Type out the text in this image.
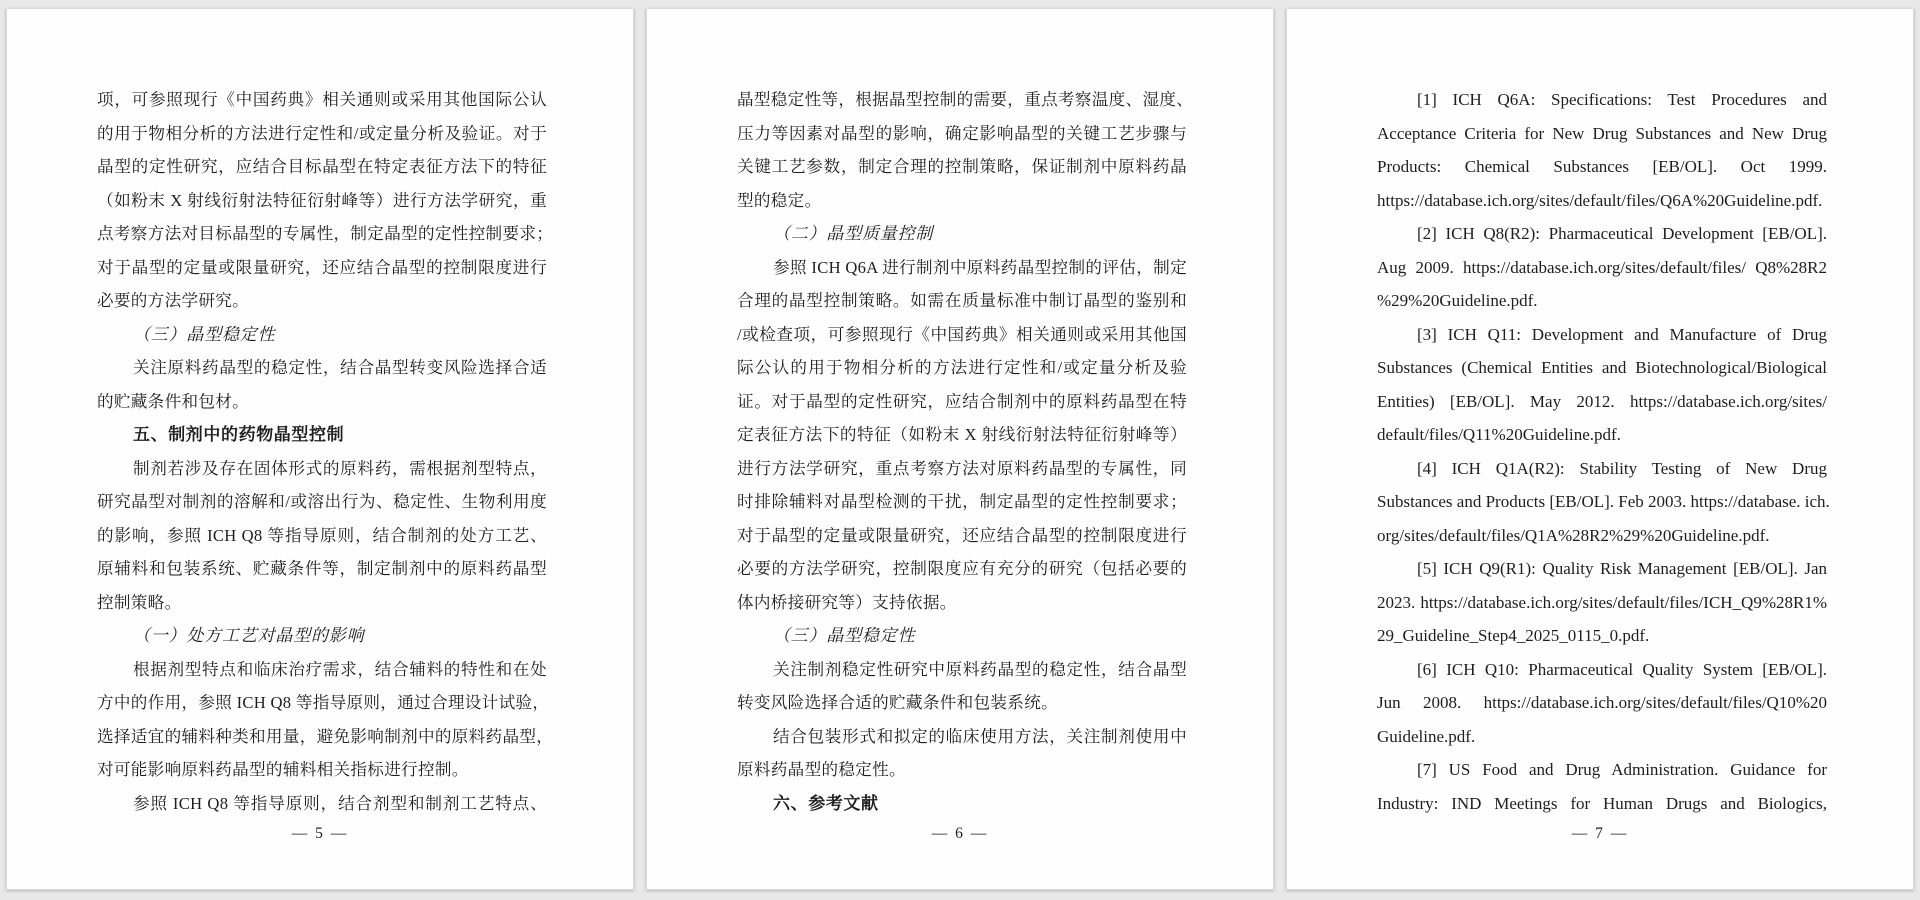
项，可参照现行《中国药典》相关通则或采用其他国际公认
的用于物相分析的方法进行定性和/或定量分析及验证。对于
晶型的定性研究，应结合目标晶型在特定表征方法下的特征
（如粉末 X 射线衍射法特征衍射峰等）进行方法学研究，重
点考察方法对目标晶型的专属性，制定晶型的定性控制要求；
对于晶型的定量或限量研究，还应结合晶型的控制限度进行
必要的方法学研究。
（三）晶型稳定性
关注原料药晶型的稳定性，结合晶型转变风险选择合适
的贮藏条件和包材。
五、制剂中的药物晶型控制
制剂若涉及存在固体形式的原料药，需根据剂型特点，
研究晶型对制剂的溶解和/或溶出行为、稳定性、生物利用度
的影响，参照 ICH Q8 等指导原则，结合制剂的处方工艺、
原辅料和包装系统、贮藏条件等，制定制剂中的原料药晶型
控制策略。
（一）处方工艺对晶型的影响
根据剂型特点和临床治疗需求，结合辅料的特性和在处
方中的作用，参照 ICH Q8 等指导原则，通过合理设计试验，
选择适宜的辅料种类和用量，避免影响制剂中的原料药晶型，
对可能影响原料药晶型的辅料相关指标进行控制。
参照 ICH Q8 等指导原则，结合剂型和制剂工艺特点、
— 5 —
晶型稳定性等，根据晶型控制的需要，重点考察温度、湿度、
压力等因素对晶型的影响，确定影响晶型的关键工艺步骤与
关键工艺参数，制定合理的控制策略，保证制剂中原料药晶
型的稳定。
（二）晶型质量控制
参照 ICH Q6A 进行制剂中原料药晶型控制的评估，制定
合理的晶型控制策略。如需在质量标准中制订晶型的鉴别和
/或检查项，可参照现行《中国药典》相关通则或采用其他国
际公认的用于物相分析的方法进行定性和/或定量分析及验
证。对于晶型的定性研究，应结合制剂中的原料药晶型在特
定表征方法下的特征（如粉末 X 射线衍射法特征衍射峰等）
进行方法学研究，重点考察方法对原料药晶型的专属性，同
时排除辅料对晶型检测的干扰，制定晶型的定性控制要求；
对于晶型的定量或限量研究，还应结合晶型的控制限度进行
必要的方法学研究，控制限度应有充分的研究（包括必要的
体内桥接研究等）支持依据。
（三）晶型稳定性
关注制剂稳定性研究中原料药晶型的稳定性，结合晶型
转变风险选择合适的贮藏条件和包装系统。
结合包装形式和拟定的临床使用方法，关注制剂使用中
原料药晶型的稳定性。
六、参考文献
— 6 —
[1] ICH Q6A: Specifications: Test Procedures and
Acceptance Criteria for New Drug Substances and New Drug
Products: Chemical Substances [EB/OL]. Oct 1999.
https://database.ich.org/sites/default/files/Q6A%20Guideline.pdf.
[2] ICH Q8(R2): Pharmaceutical Development [EB/OL].
Aug 2009. https://database.ich.org/sites/default/files/ Q8%28R2
%29%20Guideline.pdf.
[3] ICH Q11: Development and Manufacture of Drug
Substances (Chemical Entities and Biotechnological/Biological
Entities) [EB/OL]. May 2012. https://database.ich.org/sites/
default/files/Q11%20Guideline.pdf.
[4] ICH Q1A(R2): Stability Testing of New Drug
Substances and Products [EB/OL]. Feb 2003. https://database. ich.
org/sites/default/files/Q1A%28R2%29%20Guideline.pdf.
[5] ICH Q9(R1): Quality Risk Management [EB/OL]. Jan
2023. https://database.ich.org/sites/default/files/ICH_Q9%28R1%
29_Guideline_Step4_2025_0115_0.pdf.
[6] ICH Q10: Pharmaceutical Quality System [EB/OL].
Jun 2008. https://database.ich.org/sites/default/files/Q10%20
Guideline.pdf.
[7] US Food and Drug Administration. Guidance for
Industry: IND Meetings for Human Drugs and Biologics,
— 7 —
